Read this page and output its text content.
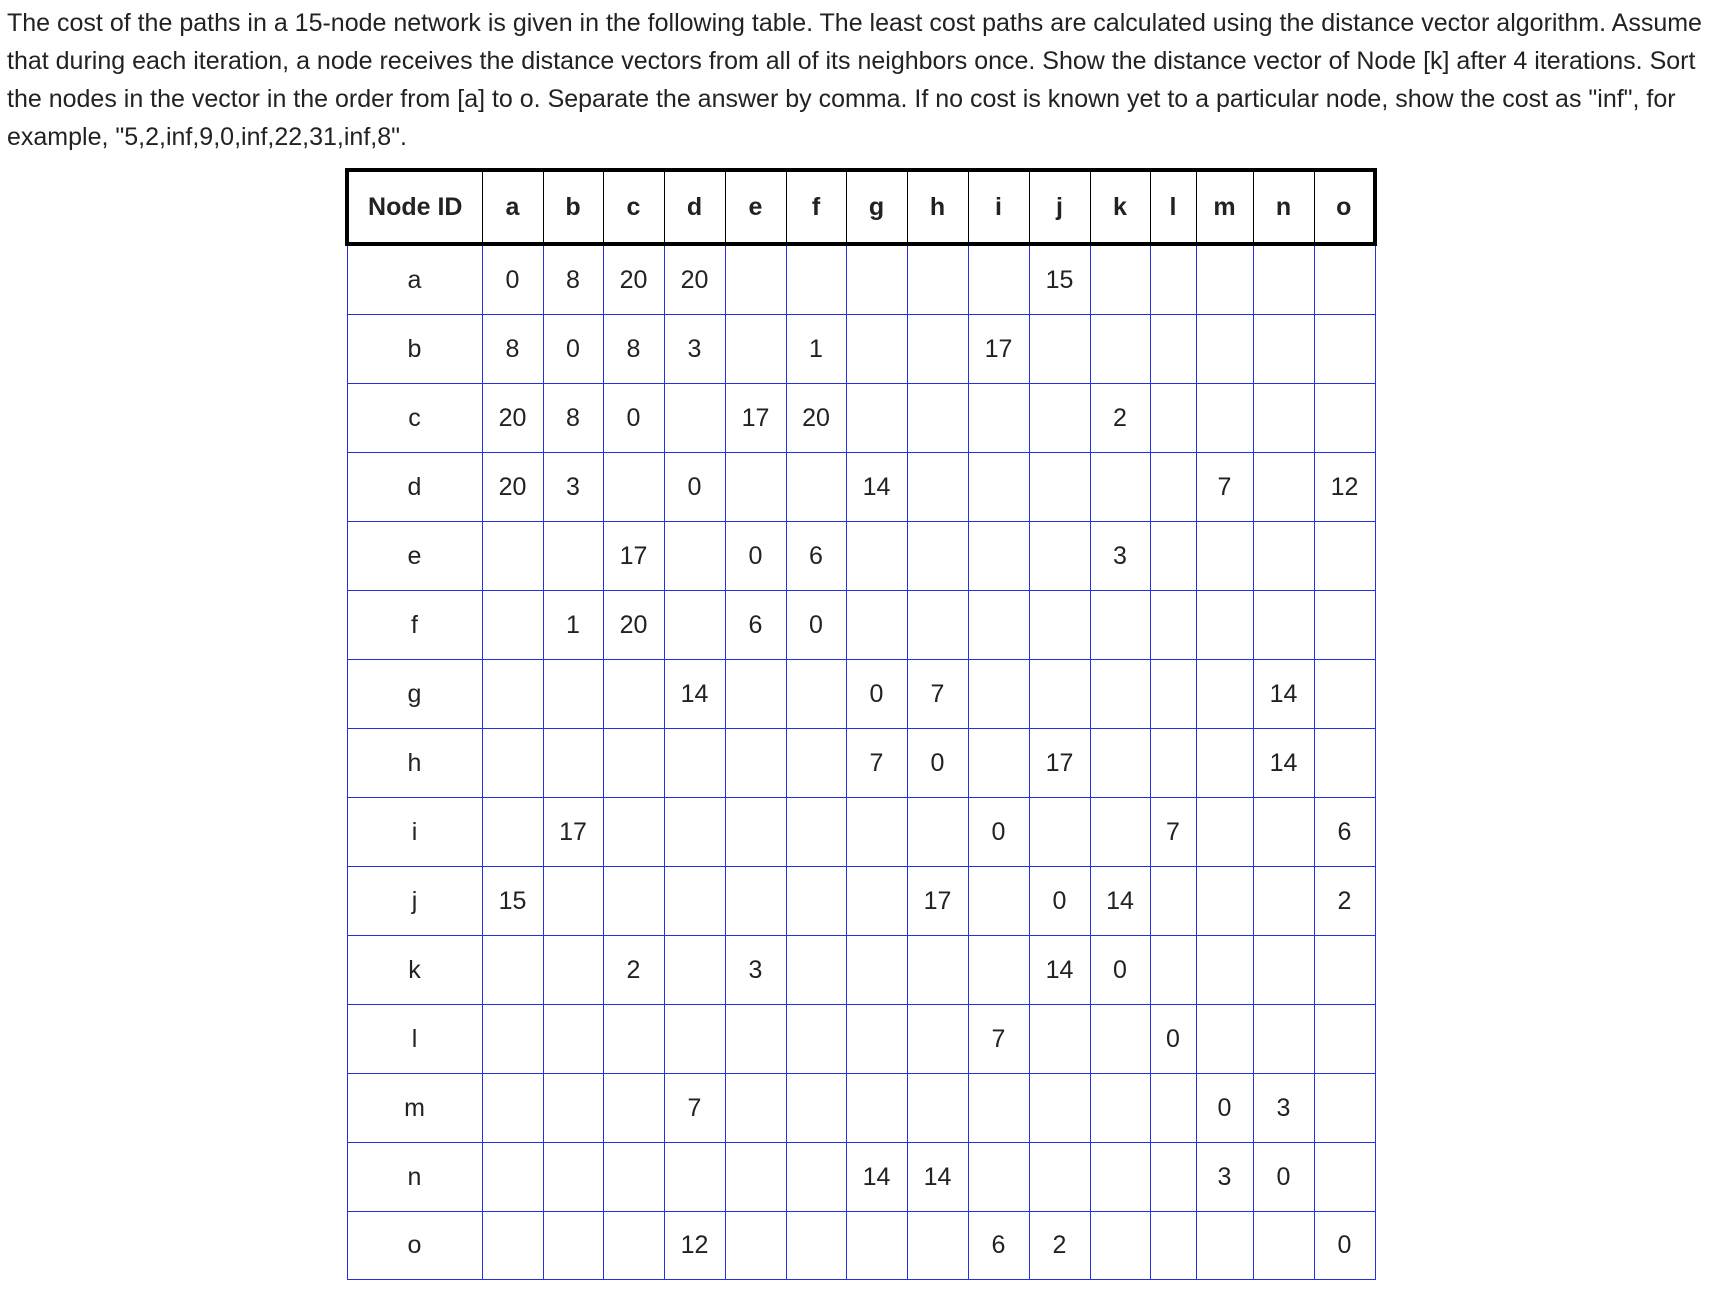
The cost of the paths in a 15-node network is given in the following table. The least cost paths are calculated using the distance vector algorithm. Assume that during each iteration, a node receives the distance vectors from all of its neighbors once. Show the distance vector of Node [k] after 4 iterations. Sort the nodes in the vector in the order from [a] to o. Separate the answer by comma. If no cost is known yet to a particular node, show the cost as "inf", for example, "5,2,inf,9,0,inf,22,31,inf,8".

Node ID	a	b	c	d	e	f	g	h	i	j	k	l	m	n	o
a	0	8	20	20						15					
b	8	0	8	3		1			17						
c	20	8	0		17	20					2				
d	20	3		0			14						7		12
e			17		0	6					3				
f		1	20		6	0									
g				14			0	7						14	
h							7	0		17				14	
i		17							0			7			6
j	15							17		0	14				2
k			2		3					14	0				
l									7			0			
m				7									0	3	
n							14	14					3	0	
o				12					6	2					0
